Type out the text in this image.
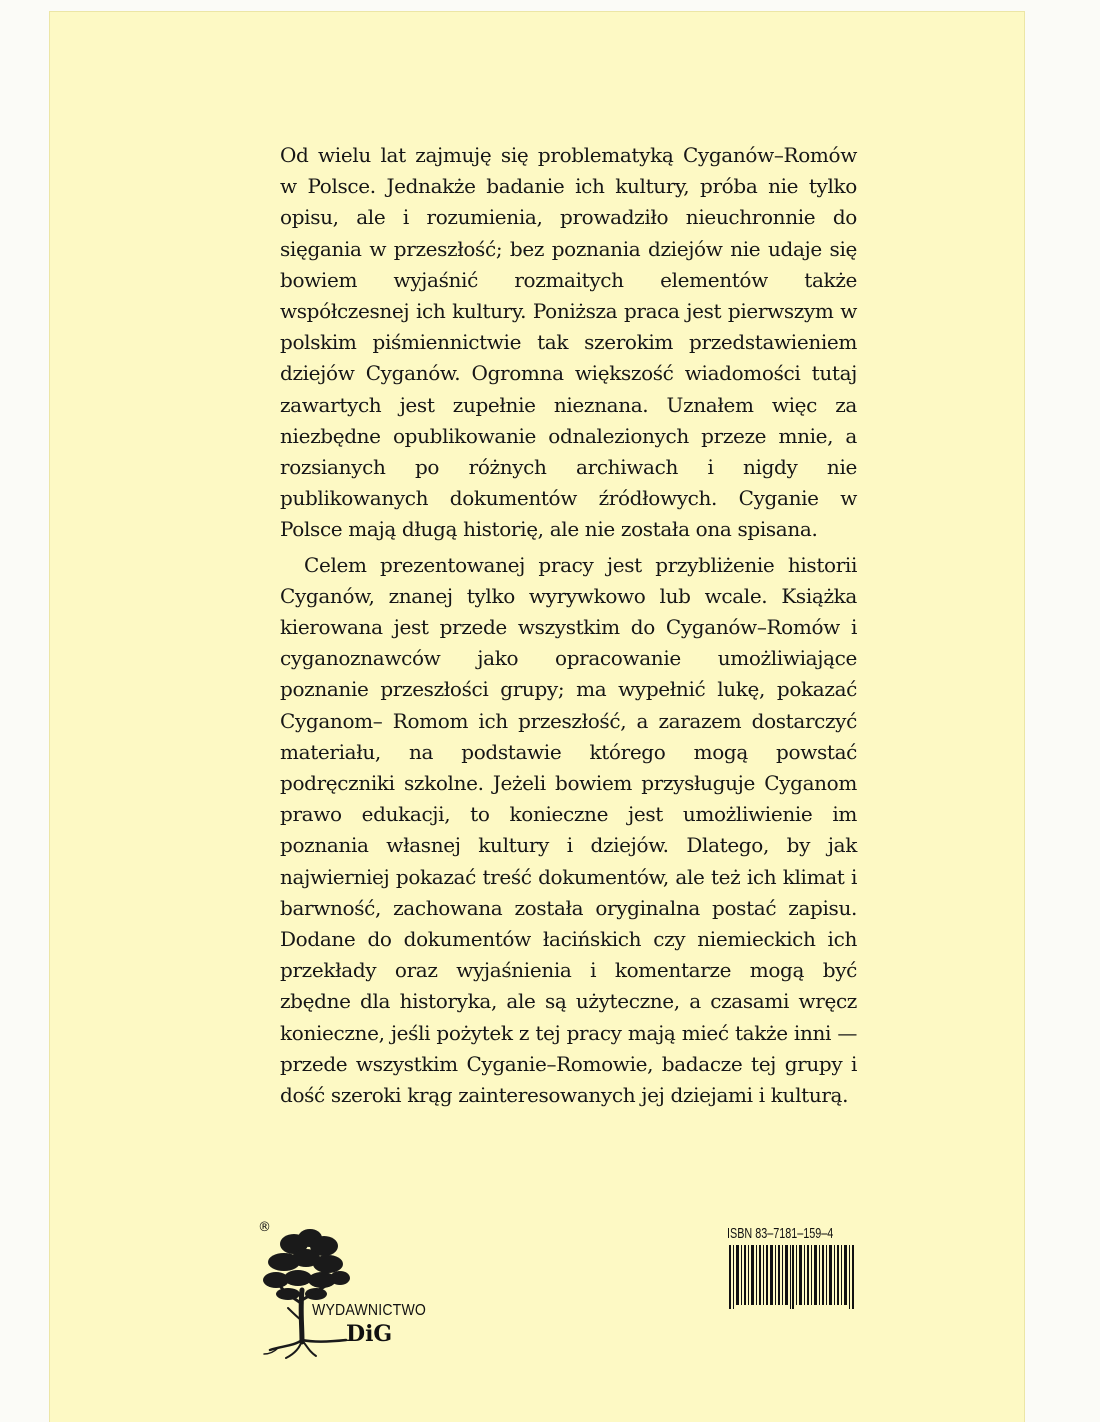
Od wielu lat zajmuję się problematyką Cyganów–Romów w Polsce. Jednakże badanie ich kultury, próba nie tylko opisu, ale i rozumienia, prowadziło nieuchronnie do sięgania w przeszłość; bez poznania dziejów nie udaje się bowiem wyjaśnić rozmaitych elementów także współczesnej ich kultury. Poniższa praca jest pierwszym w polskim piśmiennictwie tak szerokim przedstawieniem dziejów Cyganów. Ogromna większość wiadomości tutaj zawartych jest zupełnie nieznana. Uznałem więc za niezbędne opublikowanie odnalezionych przeze mnie, a rozsianych po różnych archiwach i nigdy nie publikowanych dokumentów źródłowych. Cyganie w Polsce mają długą historię, ale nie została ona spisana.

Celem prezentowanej pracy jest przybliżenie historii Cyganów, znanej tylko wyrywkowo lub wcale. Książka kierowana jest przede wszystkim do Cyganów–Romów i cyganoznawców jako opracowanie umożliwiające poznanie przeszłości grupy; ma wypełnić lukę, pokazać Cyganom– Romom ich przeszłość, a zarazem dostarczyć materiału, na podstawie którego mogą powstać podręczniki szkolne. Jeżeli bowiem przysługuje Cyganom prawo edukacji, to konieczne jest umożliwienie im poznania własnej kultury i dziejów. Dlatego, by jak najwierniej pokazać treść dokumentów, ale też ich klimat i barwność, zachowana została oryginalna postać zapisu. Dodane do dokumentów łacińskich czy niemieckich ich przekłady oraz wyjaśnienia i komentarze mogą być zbędne dla historyka, ale są użyteczne, a czasami wręcz konieczne, jeśli pożytek z tej pracy mają mieć także inni — przede wszystkim Cyganie–Romowie, badacze tej grupy i dość szeroki krąg zainteresowanych jej dziejami i kulturą.

®
WYDAWNICTWO
DiG
ISBN 83–7181–159–4
